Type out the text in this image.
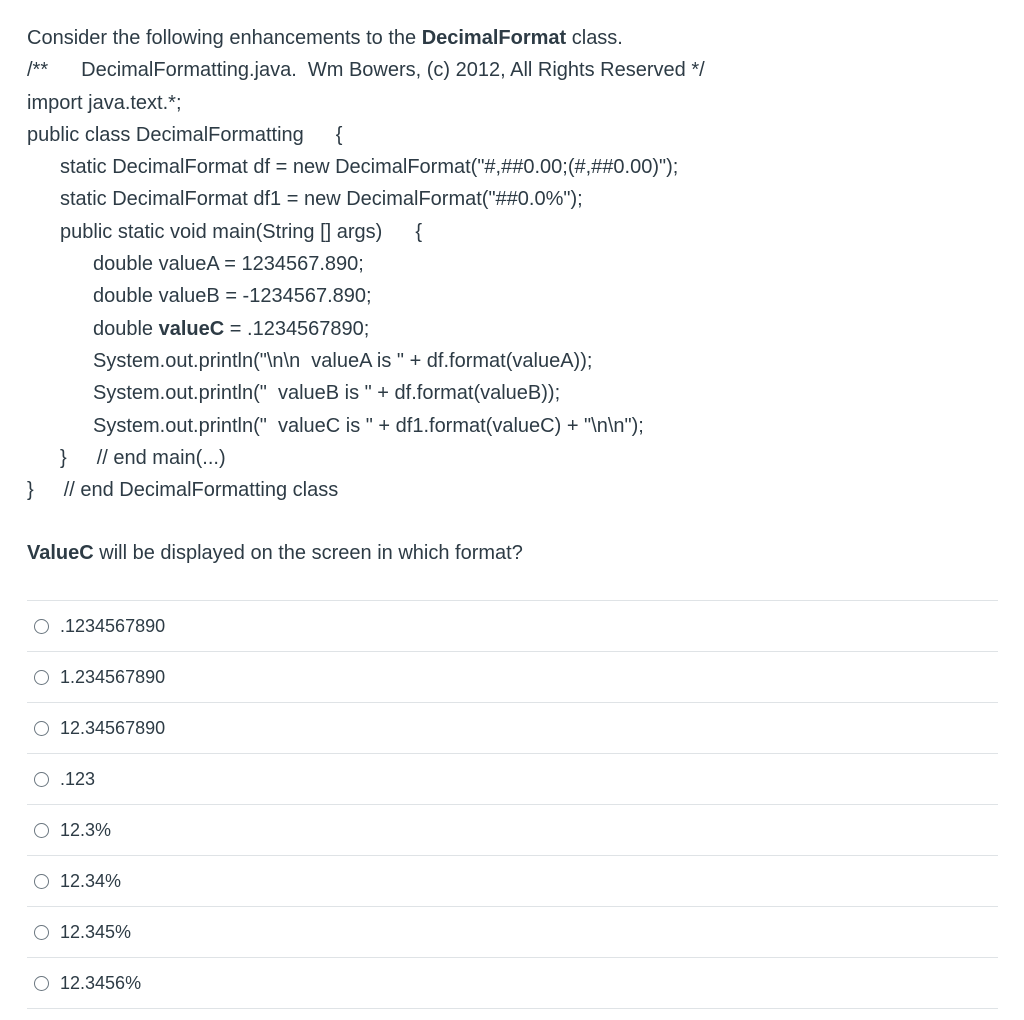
Consider the following enhancements to the DecimalFormat class.
/** DecimalFormatting.java.  Wm Bowers, (c) 2012, All Rights Reserved */
import java.text.*;
public class DecimalFormatting {
static DecimalFormat df = new DecimalFormat("#,##0.00;(#,##0.00)");
static DecimalFormat df1 = new DecimalFormat("##0.0%");
public static void main(String [] args) {
double valueA = 1234567.890;
double valueB = -1234567.890;
double valueC = .1234567890;
System.out.println("\n\n  valueA is " + df.format(valueA));
System.out.println("  valueB is " + df.format(valueB));
System.out.println("  valueC is " + df1.format(valueC) + "\n\n");
} // end main(...)
} // end DecimalFormatting class
ValueC will be displayed on the screen in which format?
.1234567890
1.234567890
12.34567890
.123
12.3%
12.34%
12.345%
12.3456%
